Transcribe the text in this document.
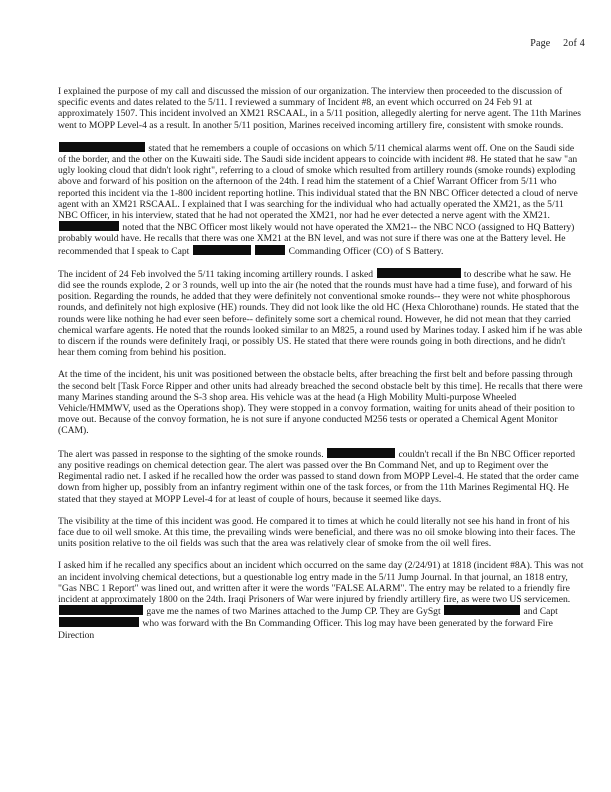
Page 2of 4

I explained the purpose of my call and discussed the mission of our organization. The interview then proceeded to the discussion of specific events and dates related to the 5/11. I reviewed a summary of Incident #8, an event which occurred on 24 Feb 91 at approximately 1507. This incident involved an XM21 RSCAAL, in a 5/11 position, allegedly alerting for nerve agent. The 11th Marines went to MOPP Level-4 as a result. In another 5/11 position, Marines received incoming artillery fire, consistent with smoke rounds.

stated that he remembers a couple of occasions on which 5/11 chemical alarms went off. One on the Saudi side of the border, and the other on the Kuwaiti side. The Saudi side incident appears to coincide with incident #8. He stated that he saw "an ugly looking cloud that didn't look right", referring to a cloud of smoke which resulted from artillery rounds (smoke rounds) exploding above and forward of his position on the afternoon of the 24th. I read him the statement of a Chief Warrant Officer from 5/11 who reported this incident via the 1-800 incident reporting hotline. This individual stated that the BN NBC Officer detected a cloud of nerve agent with an XM21 RSCAAL. I explained that I was searching for the individual who had actually operated the XM21, as the 5/11 NBC Officer, in his interview, stated that he had not operated the XM21, nor had he ever detected a nerve agent with the XM21.  noted that the NBC Officer most likely would not have operated the XM21-- the NBC NCO (assigned to HQ Battery) probably would have. He recalls that there was one XM21 at the BN level, and was not sure if there was one at the Battery level. He recommended that I speak to Capt	Commanding Officer (CO) of S Battery.

The incident of 24 Feb involved the 5/11 taking incoming artillery rounds. I asked	to describe what he saw. He did see the rounds explode, 2 or 3 rounds, well up into the air (he noted that the rounds must have had a time fuse), and forward of his position. Regarding the rounds, he added that they were definitely not conventional smoke rounds-- they were not white phosphorous rounds, and definitely not high explosive (HE) rounds. They did not look like the old HC (Hexa Chlorothane) rounds. He stated that the rounds were like nothing he had ever seen before-- definitely some sort a chemical round. However, he did not mean that they carried chemical warfare agents. He noted that the rounds looked similar to an M825, a round used by Marines today. I asked him if he was able to discern if the rounds were definitely Iraqi, or possibly US. He stated that there were rounds going in both directions, and he didn't hear them coming from behind his position.

At the time of the incident, his unit was positioned between the obstacle belts, after breaching the first belt and before passing through the second belt [Task Force Ripper and other units had already breached the second obstacle belt by this time]. He recalls that there were many Marines standing around the S-3 shop area. His vehicle was at the head (a High Mobility Multi-purpose Wheeled Vehicle/HMMWV, used as the Operations shop). They were stopped in a convoy formation, waiting for units ahead of their position to move out. Because of the convoy formation, he is not sure if anyone conducted M256 tests or operated a Chemical Agent Monitor (CAM).

The alert was passed in response to the sighting of the smoke rounds.	couldn't recall if the Bn NBC Officer reported any positive readings on chemical detection gear. The alert was passed over the Bn Command Net, and up to Regiment over the Regimental radio net. I asked if he recalled how the order was passed to stand down from MOPP Level-4. He stated that the order came down from higher up, possibly from an infantry regiment within one of the task forces, or from the 11th Marines Regimental HQ. He stated that they stayed at MOPP Level-4 for at least of couple of hours, because it seemed like days.

The visibility at the time of this incident was good. He compared it to times at which he could literally not see his hand in front of his face due to oil well smoke. At this time, the prevailing winds were beneficial, and there was no oil smoke blowing into their faces. The units position relative to the oil fields was such that the area was relatively clear of smoke from the oil well fires.

I asked him if he recalled any specifics about an incident which occurred on the same day (2/24/91) at 1818 (incident #8A). This was not an incident involving chemical detections, but a questionable log entry made in the 5/11 Jump Journal. In that journal, an 1818 entry, "Gas NBC 1 Report" was lined out, and written after it were the words "FALSE ALARM". The entry may be related to a friendly fire incident at approximately 1800 on the 24th. Iraqi Prisoners of War were injured by friendly artillery fire, as were two US servicemen.  gave me the names of two Marines attached to the Jump CP. They are GySgt	and Capt  who was forward with the Bn Commanding Officer. This log may have been generated by the forward Fire Direction
